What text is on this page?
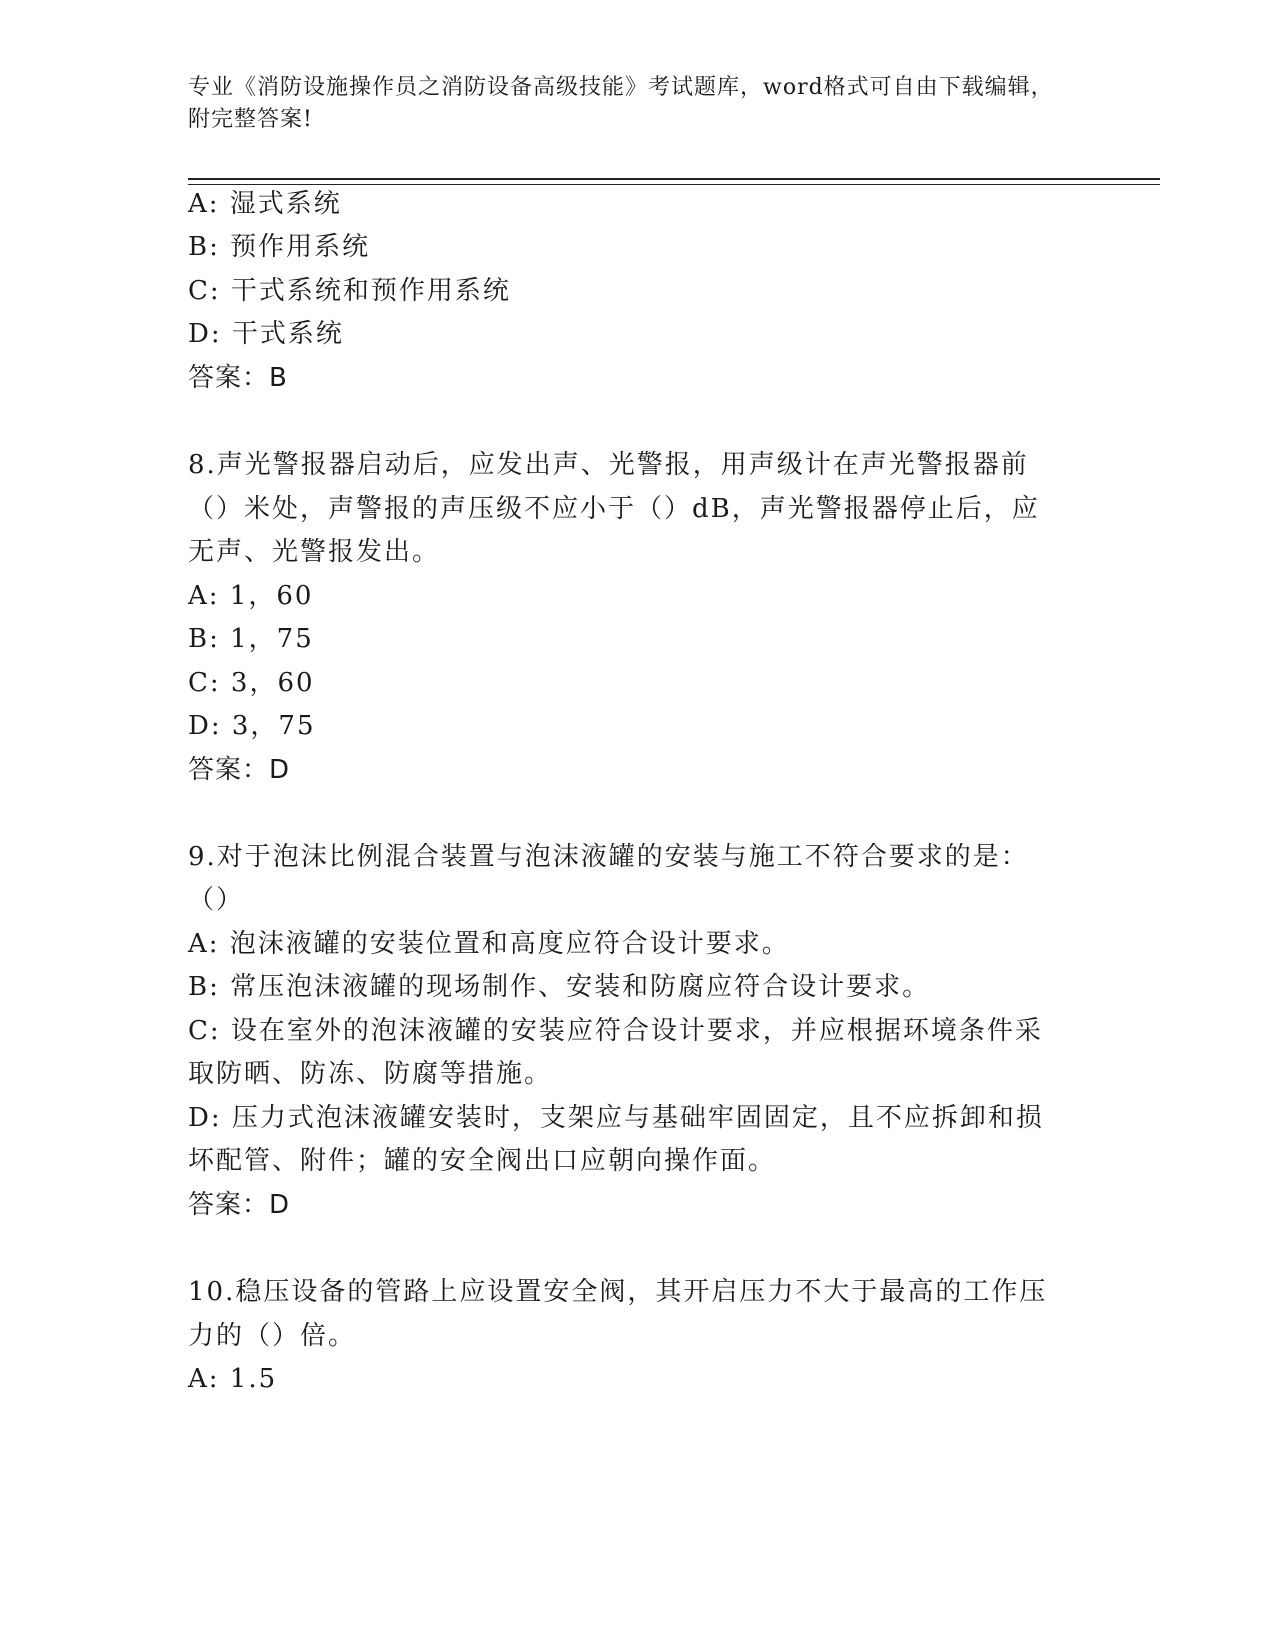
专业《消防设施操作员之消防设备高级技能》考试题库，word格式可自由下载编辑，附完整答案!
A: 湿式系统
B: 预作用系统
C: 干式系统和预作用系统
D: 干式系统
答案：B
8.声光警报器启动后，应发出声、光警报，用声级计在声光警报器前
（）米处，声警报的声压级不应小于（）dB，声光警报器停止后，应
无声、光警报发出。
A: 1，60
B: 1，75
C: 3，60
D: 3，75
答案：D
9.对于泡沫比例混合装置与泡沫液罐的安装与施工不符合要求的是：
（）
A: 泡沫液罐的安装位置和高度应符合设计要求。
B: 常压泡沫液罐的现场制作、安装和防腐应符合设计要求。
C: 设在室外的泡沫液罐的安装应符合设计要求，并应根据环境条件采
取防晒、防冻、防腐等措施。
D: 压力式泡沫液罐安装时，支架应与基础牢固固定，且不应拆卸和损
坏配管、附件；罐的安全阀出口应朝向操作面。
答案：D
10.稳压设备的管路上应设置安全阀，其开启压力不大于最高的工作压
力的（）倍。
A: 1.5
